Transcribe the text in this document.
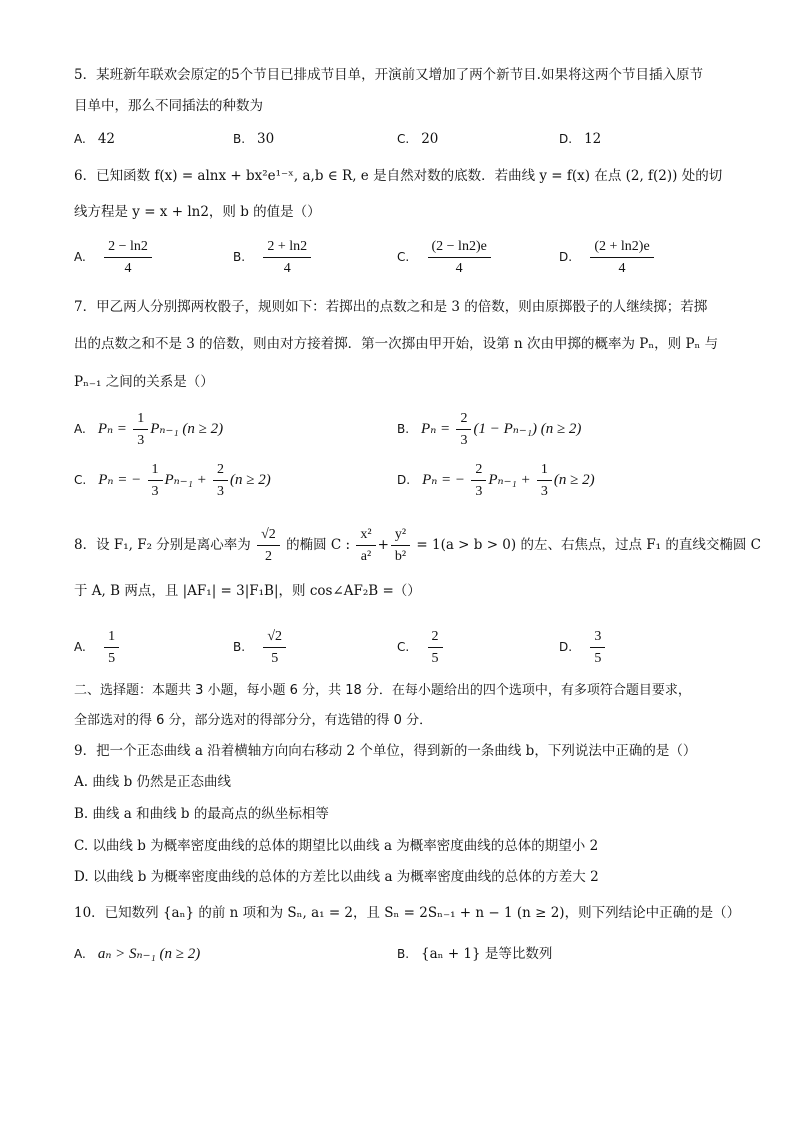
5．某班新年联欢会原定的5个节目已排成节目单，开演前又增加了两个新节目.如果将这两个节目插入原节
目单中，那么不同插法的种数为
A. 42	B. 30	C. 20	D. 12
6．已知函数 f(x) = alnx + bx²e¹⁻ˣ, a,b ∈ R, e 是自然对数的底数．若曲线 y = f(x) 在点 (2, f(2)) 处的切
线方程是 y = x + ln2，则 b 的值是（）
A. $\frac{2 - \ln 2}{4}$	B. $\frac{2 + \ln 2}{4}$	C. $\frac{(2 - \ln 2)e}{4}$	D. $\frac{(2 + \ln 2)e}{4}$
7．甲乙两人分别掷两枚骰子，规则如下：若掷出的点数之和是 3 的倍数，则由原掷骰子的人继续掷；若掷
出的点数之和不是 3 的倍数，则由对方接着掷．第一次掷由甲开始，设第 n 次由甲掷的概率为 Pₙ，则 Pₙ 与
Pₙ₋₁ 之间的关系是（）
A. $P_n = \frac{1}{3} P_{n-1}$ (n ≥ 2)	B. $P_n = \frac{2}{3} (1 - P_{n-1}) (n \ge 2)$
C. Pₙ = − $\frac{1}{3} P_{n-1} + \frac{2}{3} (n \ge 2)$	D. Pₙ = − $\frac{2}{3} P_{n-1} + \frac{1}{3} (n \ge 2)$
8．设 F₁, F₂ 分别是离心率为 $\frac{√2}{2}$ 的椭圆 C : $\frac{\text{x²}}{\text{a²}} + \frac{\text{y²}}{\text{b²}} = 1(a > b > 0)$ 的左、右焦点，过点 F₁ 的直线交椭圆 C
于 A, B 两点，且 |AF₁| = 3|F₁B|，则 cos∠AF₂B =（）
A. $\frac{1}{5}$	B. $\frac{√2}{5}$	C. $\frac{2}{5}$	D. $\frac{3}{5}$
二、选择题：本题共 3 小题，每小题 6 分，共 18 分．在每小题给出的四个选项中，有多项符合题目要求，
全部选对的得 6 分，部分选对的得部分分，有选错的得 0 分．
9．把一个正态曲线 a 沿着横轴方向向右移动 2 个单位，得到新的一条曲线 b，下列说法中正确的是（）
A. 曲线 b 仍然是正态曲线
B. 曲线 a 和曲线 b 的最高点的纵坐标相等
C. 以曲线 b 为概率密度曲线的总体的期望比以曲线 a 为概率密度曲线的总体的期望小 2
D. 以曲线 b 为概率密度曲线的总体的方差比以曲线 a 为概率密度曲线的总体的方差大 2
10．已知数列 {aₙ} 的前 n 项和为 Sₙ, a₁ = 2，且 Sₙ = 2Sₙ₋₁ + n − 1 (n ≥ 2)，则下列结论中正确的是（）
A. aₙ > Sₙ₋₁ (n ≥ 2)	B. {aₙ + 1} 是等比数列
